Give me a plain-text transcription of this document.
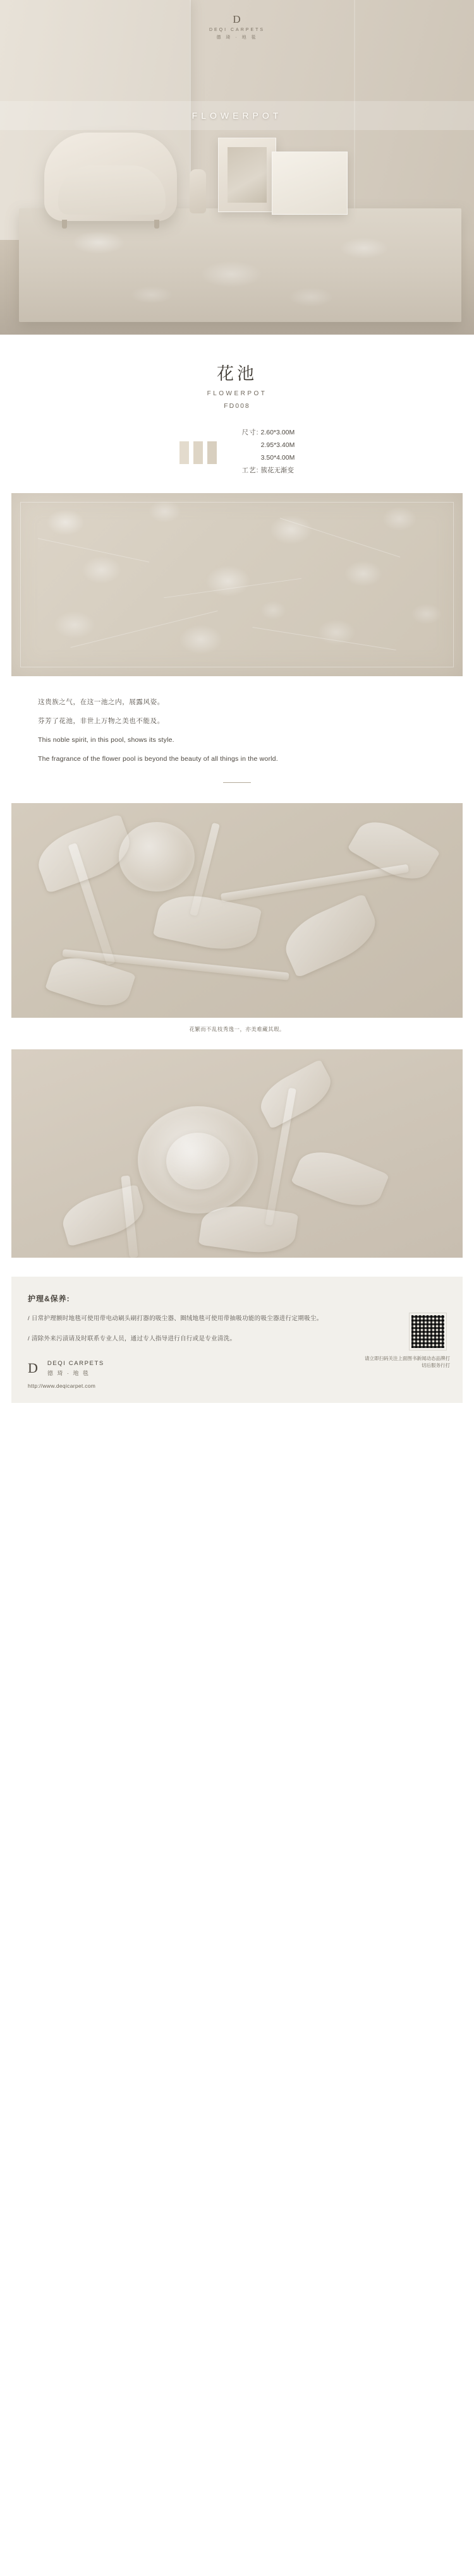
D
DEQI CARPETS
德 琦 · 地 毯
FLOWERPOT
花池
FLOWERPOT
FD008
尺寸: 2.60*3.00M
2.95*3.40M
3.50*4.00M
工艺: 簇花无渐变

这贵族之气，在这一池之内，展露风姿。

芬芳了花池，非世上万物之美也不能及。

This noble spirit, in this pool, shows its style.

The fragrance of the flower pool is beyond the beauty of all things in the world.

花繁而不乱枝秀逸一，亦美难藏其瑕。
护理&保养:

/ 日常护理额时地毯可使用带电动刷头刷打器的吸尘器、圈绒地毯可使用带抽吸功能的吸尘器进行定期吸尘。

/ 清除外来污渍请及时联系专业人员，通过专人指导进行自行或是专业清洗。

请立即扫码关注上面图书新闻动态品牌打切后服务行打
D DEQI CARPETS
德 琦 · 地 毯
http://www.deqicarpet.com
